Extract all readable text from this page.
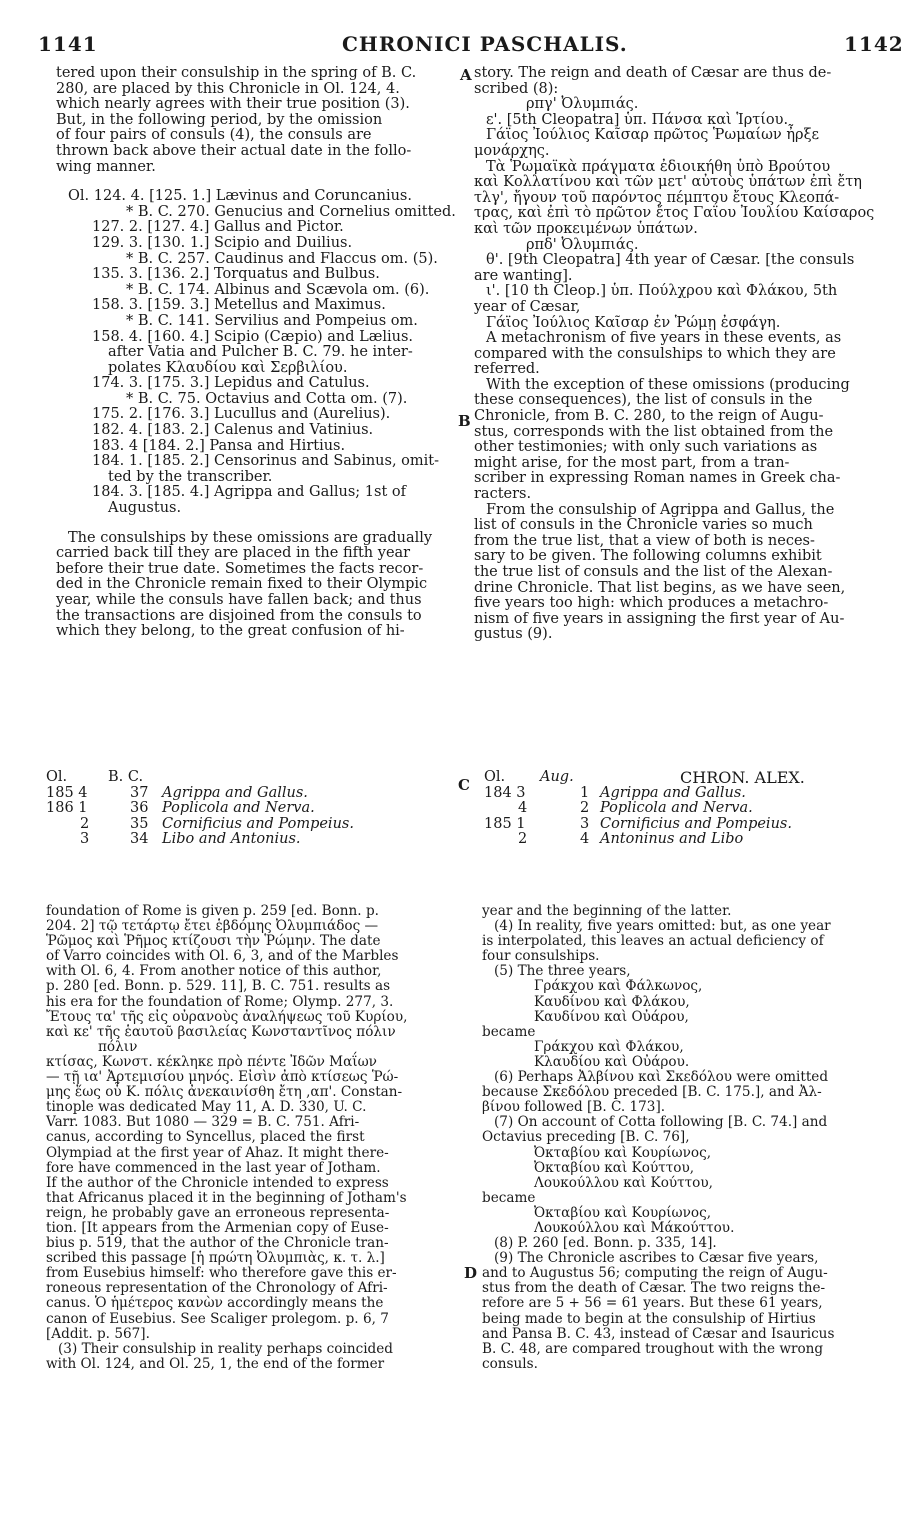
1141	CHRONICI PASCHALIS.	1142
A
B
C
D
tered upon their consulship in the spring of B. C.
280, are placed by this Chronicle in Ol. 124, 4.
which nearly agrees with their true position (3).
But, in the following period, by the omission
of four pairs of consuls (4), the consuls are
thrown back above their actual date in the follo-
wing manner.
Ol. 124. 4. [125. 1.] Lævinus and Coruncanius.
* B. C. 270. Genucius and Cornelius omitted.
127. 2. [127. 4.] Gallus and Pictor.
129. 3. [130. 1.] Scipio and Duilius.
* B. C. 257. Caudinus and Flaccus om. (5).
135. 3. [136. 2.] Torquatus and Bulbus.
* B. C. 174. Albinus and Scævola om. (6).
158. 3. [159. 3.] Metellus and Maximus.
* B. C. 141. Servilius and Pompeius om.
158. 4. [160. 4.] Scipio (Cæpio) and Lælius.
after Vatia and Pulcher B. C. 79. he inter-
polates Κλαυδίου καὶ Σερβιλίου.
174. 3. [175. 3.] Lepidus and Catulus.
* B. C. 75. Octavius and Cotta om. (7).
175. 2. [176. 3.] Lucullus and (Aurelius).
182. 4. [183. 2.] Calenus and Vatinius.
183. 4 [184. 2.] Pansa and Hirtius.
184. 1. [185. 2.] Censorinus and Sabinus, omit-
ted by the transcriber.
184. 3. [185. 4.] Agrippa and Gallus; 1st of
Augustus.
The consulships by these omissions are gradually
carried back till they are placed in the fifth year
before their true date. Sometimes the facts recor-
ded in the Chronicle remain fixed to their Olympic
year, while the consuls have fallen back; and thus
the transactions are disjoined from the consuls to
which they belong, to the great confusion of hi-
story. The reign and death of Cæsar are thus de-
scribed (8):
ρπγ' Ὀλυμπιάς.
ε'. [5th Cleopatra] ὑπ. Πάνσα καὶ Ἱρτίου.
Γάϊος Ἰούλιος Καῖσαρ πρῶτος Ῥωμαίων ἦρξε
μονάρχης.
Τὰ Ῥωμαϊκὰ πράγματα ἐδιοικήθη ὑπὸ Βρούτου
καὶ Κολλατίνου καὶ τῶν μετ' αὐτοὺς ὑπάτων ἐπὶ ἔτη
τλγ', ἤγουν τοῦ παρόντος πέμπτου ἔτους Κλεοπά-
τρας, καὶ ἐπὶ τὸ πρῶτον ἔτος Γαΐου Ἰουλίου Καίσαρος
καὶ τῶν προκειμένων ὑπάτων.
ρπδ' Ὀλυμπιάς.
θ'. [9th Cleopatra] 4th year of Cæsar. [the consuls
are wanting].
ι'. [10 th Cleop.] ὑπ. Πούλχρου καὶ Φλάκου, 5th
year of Cæsar,
Γάϊος Ἰούλιος Καῖσαρ ἐν Ῥώμῃ ἐσφάγη.
A metachronism of five years in these events, as
compared with the consulships to which they are
referred.
With the exception of these omissions (producing
these consequences), the list of consuls in the
Chronicle, from B. C. 280, to the reign of Augu-
stus, corresponds with the list obtained from the
other testimonies; with only such variations as
might arise, for the most part, from a tran-
scriber in expressing Roman names in Greek cha-
racters.
From the consulship of Agrippa and Gallus, the
list of consuls in the Chronicle varies so much
from the true list, that a view of both is neces-
sary to be given. The following columns exhibit
the true list of consuls and the list of the Alexan-
drine Chronicle. That list begins, as we have seen,
five years too high: which produces a metachro-
nism of five years in assigning the first year of Au-
gustus (9).
Ol.	B. C.
185 4	37 Agrippa and Gallus.
186 1	36 Poplicola and Nerva.
2	35 Cornificius and Pompeius.
3	34 Libo and Antonius.
Ol. Aug.	CHRON. ALEX.
184 3	1 Agrippa and Gallus.
4	2 Poplicola and Nerva.
185 1	3 Cornificius and Pompeius.
2	4 Antoninus and Libo
foundation of Rome is given p. 259 [ed. Bonn. p.
204. 2] τῷ τετάρτῳ ἔτει ἑβδόμης Ὀλυμπιάδος —
Ῥῶμος καὶ Ῥῆμος κτίζουσι τὴν Ῥώμην. The date
of Varro coincides with Ol. 6, 3, and of the Marbles
with Ol. 6, 4. From another notice of this author,
p. 280 [ed. Bonn. p. 529. 11], B. C. 751. results as
his era for the foundation of Rome; Olymp. 277, 3.
Ἔτους τα' τῆς εἰς οὐρανοὺς ἀναλήψεως τοῦ Κυρίου,
καὶ κε' τῆς ἑαυτοῦ βασιλείας Κωνσταντῖνος πόλιν
πόλιν
κτίσας, Κωνστ. κέκληκε πρὸ πέντε Ἰδῶν Μαΐων
— τῇ ια' Ἀρτεμισίου μηνός. Εἰσὶν ἀπὸ κτίσεως Ῥώ-
μης ἕως οὗ Κ. πόλις ἀνεκαινίσθη ἔτη ,απ'. Constan-
tinople was dedicated May 11, A. D. 330, U. C.
Varr. 1083. But 1080 — 329 = B. C. 751. Afri-
canus, according to Syncellus, placed the first
Olympiad at the first year of Ahaz. It might there-
fore have commenced in the last year of Jotham.
If the author of the Chronicle intended to express
that Africanus placed it in the beginning of Jotham's
reign, he probably gave an erroneous representa-
tion. [It appears from the Armenian copy of Euse-
bius p. 519, that the author of the Chronicle tran-
scribed this passage [ἡ πρώτη Ὀλυμπιὰς, κ. τ. λ.]
from Eusebius himself: who therefore gave this er-
roneous representation of the Chronology of Afri-
canus. Ὁ ἡμέτερος κανὼν accordingly means the
canon of Eusebius. See Scaliger prolegom. p. 6, 7
[Addit. p. 567].
(3) Their consulship in reality perhaps coincided
with Ol. 124, and Ol. 25, 1, the end of the former
year and the beginning of the latter.
(4) In reality, five years omitted: but, as one year
is interpolated, this leaves an actual deficiency of
four consulships.
(5) The three years,
Γράκχου καὶ Φάλκωνος,
Καυδίνου καὶ Φλάκου,
Καυδίνου καὶ Οὐάρου,
became
Γράκχου καὶ Φλάκου,
Κλαυδίου καὶ Οὐάρου.
(6) Perhaps Ἀλβίνου καὶ Σκεδόλου were omitted
because Σκεδόλου preceded [B. C. 175.], and Ἀλ-
βίνου followed [B. C. 173].
(7) On account of Cotta following [B. C. 74.] and
Octavius preceding [B. C. 76],
Ὀκταβίου καὶ Κουρίωνος,
Ὀκταβίου καὶ Κούττου,
Λουκούλλου καὶ Κούττου,
became
Ὀκταβίου καὶ Κουρίωνος,
Λουκούλλου καὶ Μάκούττου.
(8) P. 260 [ed. Bonn. p. 335, 14].
(9) The Chronicle ascribes to Cæsar five years,
and to Augustus 56; computing the reign of Augu-
stus from the death of Cæsar. The two reigns the-
refore are 5 + 56 = 61 years. But these 61 years,
being made to begin at the consulship of Hirtius
and Pansa B. C. 43, instead of Cæsar and Isauricus
B. C. 48, are compared troughout with the wrong
consuls.
